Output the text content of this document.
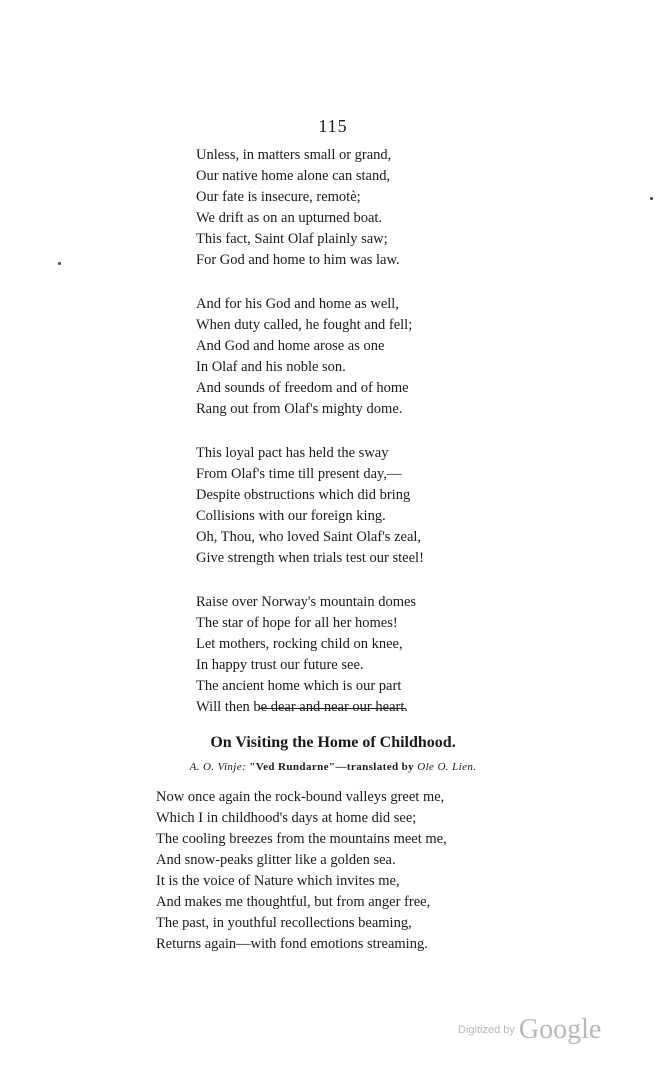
115
Unless, in matters small or grand,
Our native home alone can stand,
Our fate is insecure, remotè;
We drift as on an upturned boat.
This fact, Saint Olaf plainly saw;
For God and home to him was law.
And for his God and home as well,
When duty called, he fought and fell;
And God and home arose as one
In Olaf and his noble son.
And sounds of freedom and of home
Rang out from Olaf's mighty dome.
This loyal pact has held the sway
From Olaf's time till present day,—
Despite obstructions which did bring
Collisions with our foreign king.
Oh, Thou, who loved Saint Olaf's zeal,
Give strength when trials test our steel!
Raise over Norway's mountain domes
The star of hope for all her homes!
Let mothers, rocking child on knee,
In happy trust our future see.
The ancient home which is our part
Will then be dear and near our heart.
On Visiting the Home of Childhood.
A. O. Vinje: "Ved Rundarne"—translated by Ole O. Lien.
Now once again the rock-bound valleys greet me,
Which I in childhood's days at home did see;
The cooling breezes from the mountains meet me,
And snow-peaks glitter like a golden sea.
It is the voice of Nature which invites me,
And makes me thoughtful, but from anger free,
The past, in youthful recollections beaming,
Returns again—with fond emotions streaming.
Digitized by Google
